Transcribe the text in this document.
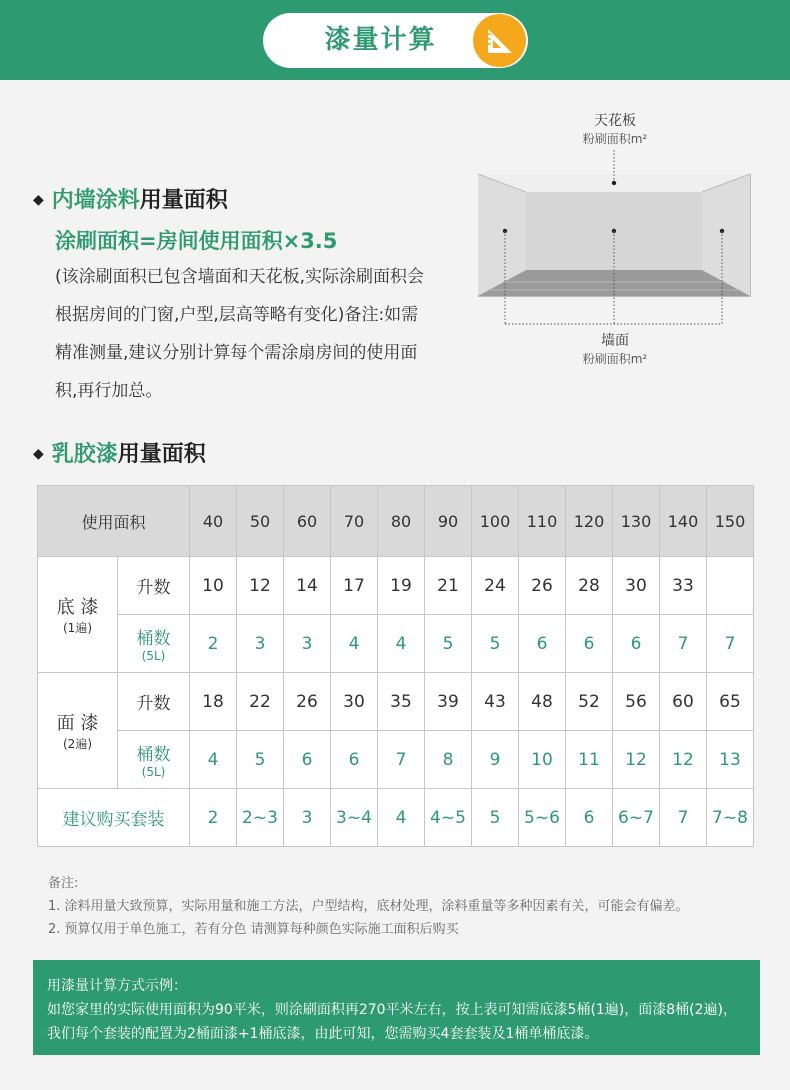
漆量计算
◆ 内墙涂料用量面积
涂刷面积=房间使用面积×3.5
(该涂刷面积已包含墙面和天花板,实际涂刷面积会根据房间的门窗,户型,层高等略有变化)备注:如需精准测量,建议分别计算每个需涂扇房间的使用面积,再行加总。
天花板
粉刷面积m²
墙面
粉刷面积m²
◆ 乳胶漆用量面积
使用面积		40	50	60	70	80	90	100	110	120	130	140	150

底 漆
(1遍)	升数	10	12	14	17	19	21	24	26	28	30	33	

	桶数
(5L)	2	3	3	4	4	5	5	6	6	6	7	7

面 漆
(2遍)	升数	18	22	26	30	35	39	43	48	52	56	60	65

	桶数
(5L)	4	5	6	6	7	8	9	10	11	12	12	13
建议购买套装		2	2~3	3	3~4	4	4~5	5	5~6	6	6~7	7	7~8
备注:
1. 涂料用量大致预算，实际用量和施工方法，户型结构，底材处理，涂料重量等多种因素有关，可能会有偏差。
2. 预算仅用于单色施工，若有分色 请测算每种颜色实际施工面积后购买
用漆量计算方式示例：
如您家里的实际使用面积为90平米，则涂刷面积再270平米左右，按上表可知需底漆5桶(1遍)，面漆8桶(2遍)，
我们每个套装的配置为2桶面漆+1桶底漆，由此可知，您需购买4套套装及1桶单桶底漆。
